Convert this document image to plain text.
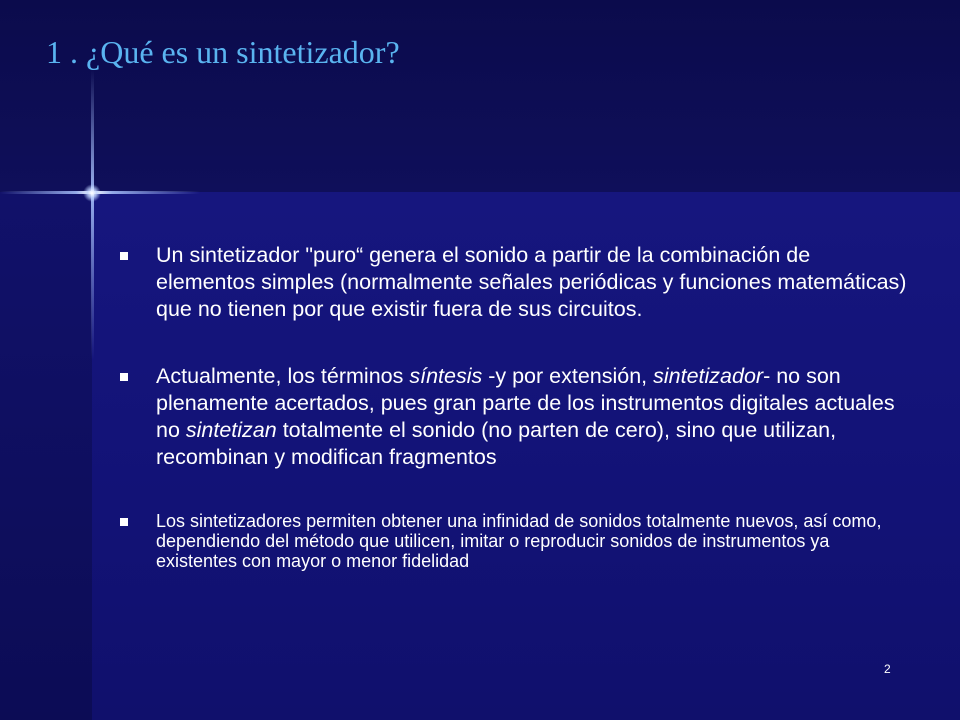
1 . ¿Qué es un sintetizador?
Un sintetizador "puro“ genera el sonido a partir de la combinación de elementos simples (normalmente señales periódicas y funciones matemáticas) que no tienen por que existir fuera de sus circuitos.
Actualmente, los términos síntesis -y por extensión, sintetizador- no son plenamente acertados, pues gran parte de los instrumentos digitales actuales no sintetizan totalmente el sonido (no parten de cero), sino que utilizan, recombinan y modifican fragmentos
Los sintetizadores permiten obtener una infinidad de sonidos totalmente nuevos, así como, dependiendo del método que utilicen, imitar o reproducir sonidos de instrumentos ya existentes con mayor o menor fidelidad
2
